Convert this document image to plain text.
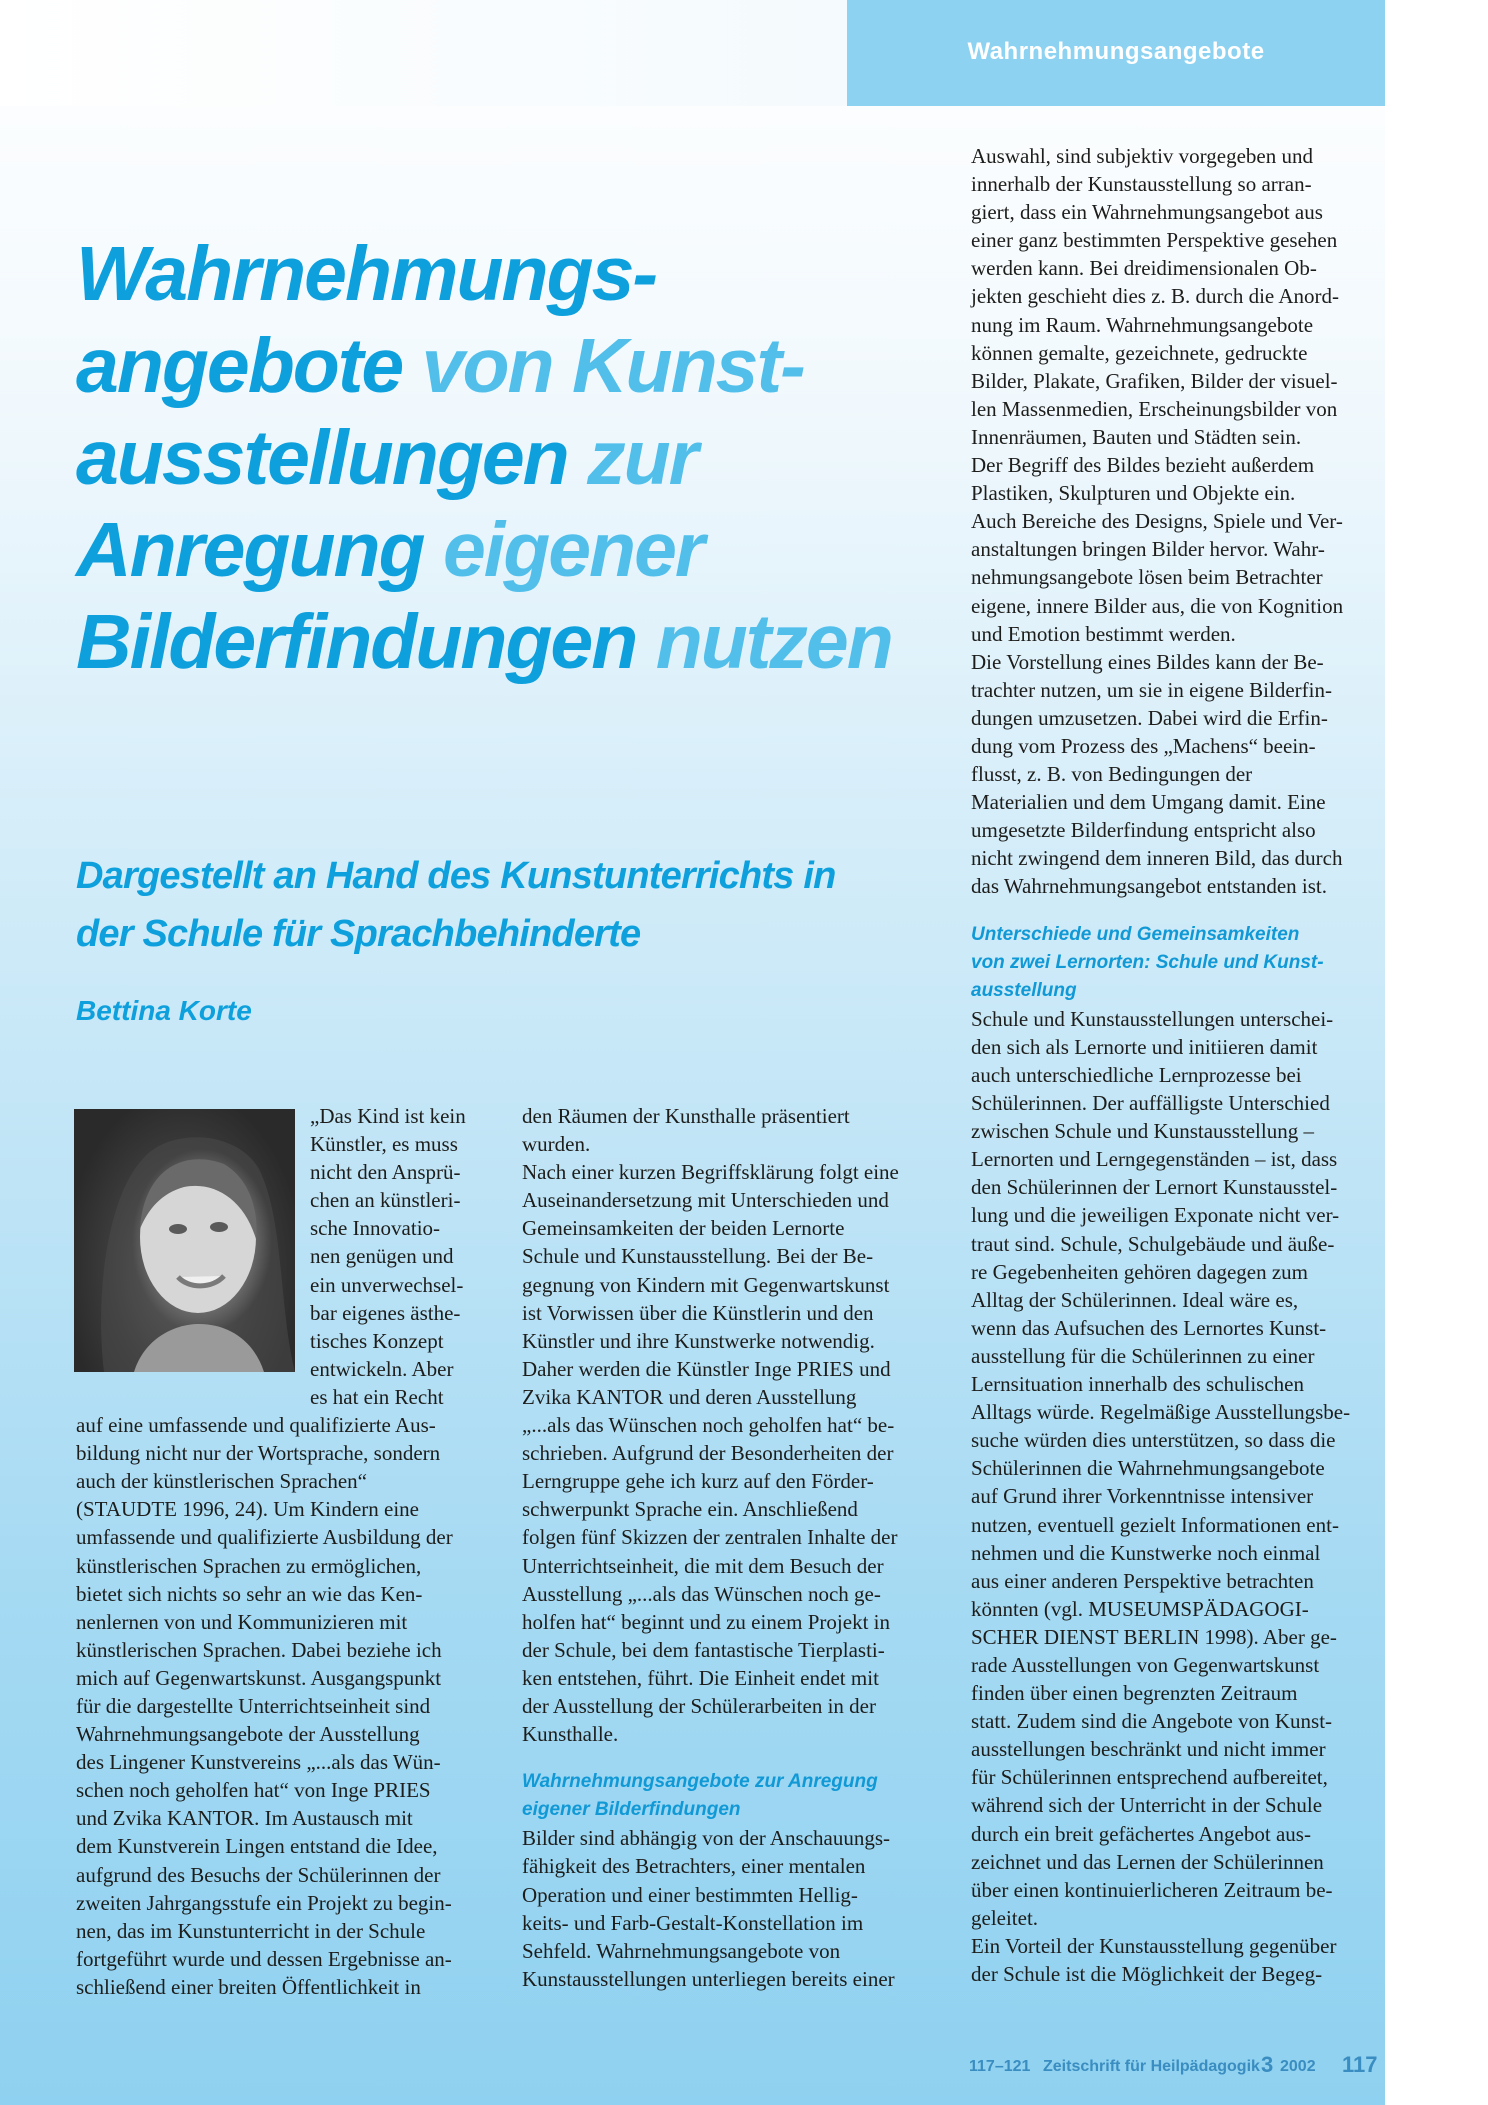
Wahrnehmungsangebote
Wahrnehmungs-
angebote von Kunst-
ausstellungen zur
Anregung eigener
Bilderfindungen nutzen
Dargestellt an Hand des Kunstunterrichts in
der Schule für Sprachbehinderte
Bettina Korte
„Das Kind ist kein
Künstler, es muss
nicht den Ansprü-
chen an künstleri-
sche Innovatio-
nen genügen und
ein unverwechsel-
bar eigenes ästhe-
tisches Konzept
entwickeln. Aber
es hat ein Recht
auf eine umfassende und qualifizierte Aus-
bildung nicht nur der Wortsprache, sondern
auch der künstlerischen Sprachen“
(STAUDTE 1996, 24). Um Kindern eine
umfassende und qualifizierte Ausbildung der
künstlerischen Sprachen zu ermöglichen,
bietet sich nichts so sehr an wie das Ken-
nenlernen von und Kommunizieren mit
künstlerischen Sprachen. Dabei beziehe ich
mich auf Gegenwartskunst. Ausgangspunkt
für die dargestellte Unterrichtseinheit sind
Wahrnehmungsangebote der Ausstellung
des Lingener Kunstvereins „...als das Wün-
schen noch geholfen hat“ von Inge PRIES
und Zvika KANTOR. Im Austausch mit
dem Kunstverein Lingen entstand die Idee,
aufgrund des Besuchs der Schülerinnen der
zweiten Jahrgangsstufe ein Projekt zu begin-
nen, das im Kunstunterricht in der Schule
fortgeführt wurde und dessen Ergebnisse an-
schließend einer breiten Öffentlichkeit in
den Räumen der Kunsthalle präsentiert
wurden.
Nach einer kurzen Begriffsklärung folgt eine
Auseinandersetzung mit Unterschieden und
Gemeinsamkeiten der beiden Lernorte
Schule und Kunstausstellung. Bei der Be-
gegnung von Kindern mit Gegenwartskunst
ist Vorwissen über die Künstlerin und den
Künstler und ihre Kunstwerke notwendig.
Daher werden die Künstler Inge PRIES und
Zvika KANTOR und deren Ausstellung
„...als das Wünschen noch geholfen hat“ be-
schrieben. Aufgrund der Besonderheiten der
Lerngruppe gehe ich kurz auf den Förder-
schwerpunkt Sprache ein. Anschließend
folgen fünf Skizzen der zentralen Inhalte der
Unterrichtseinheit, die mit dem Besuch der
Ausstellung „...als das Wünschen noch ge-
holfen hat“ beginnt und zu einem Projekt in
der Schule, bei dem fantastische Tierplasti-
ken entstehen, führt. Die Einheit endet mit
der Ausstellung der Schülerarbeiten in der
Kunsthalle.
Wahrnehmungsangebote zur Anregung
eigener Bilderfindungen
Bilder sind abhängig von der Anschauungs-
fähigkeit des Betrachters, einer mentalen
Operation und einer bestimmten Hellig-
keits- und Farb-Gestalt-Konstellation im
Sehfeld. Wahrnehmungsangebote von
Kunstausstellungen unterliegen bereits einer
Auswahl, sind subjektiv vorgegeben und
innerhalb der Kunstausstellung so arran-
giert, dass ein Wahrnehmungsangebot aus
einer ganz bestimmten Perspektive gesehen
werden kann. Bei dreidimensionalen Ob-
jekten geschieht dies z. B. durch die Anord-
nung im Raum. Wahrnehmungsangebote
können gemalte, gezeichnete, gedruckte
Bilder, Plakate, Grafiken, Bilder der visuel-
len Massenmedien, Erscheinungsbilder von
Innenräumen, Bauten und Städten sein.
Der Begriff des Bildes bezieht außerdem
Plastiken, Skulpturen und Objekte ein.
Auch Bereiche des Designs, Spiele und Ver-
anstaltungen bringen Bilder hervor. Wahr-
nehmungsangebote lösen beim Betrachter
eigene, innere Bilder aus, die von Kognition
und Emotion bestimmt werden.
Die Vorstellung eines Bildes kann der Be-
trachter nutzen, um sie in eigene Bilderfin-
dungen umzusetzen. Dabei wird die Erfin-
dung vom Prozess des „Machens“ beein-
flusst, z. B. von Bedingungen der
Materialien und dem Umgang damit. Eine
umgesetzte Bilderfindung entspricht also
nicht zwingend dem inneren Bild, das durch
das Wahrnehmungsangebot entstanden ist.
Unterschiede und Gemeinsamkeiten
von zwei Lernorten: Schule und Kunst-
ausstellung
Schule und Kunstausstellungen unterschei-
den sich als Lernorte und initiieren damit
auch unterschiedliche Lernprozesse bei
Schülerinnen. Der auffälligste Unterschied
zwischen Schule und Kunstausstellung –
Lernorten und Lerngegenständen – ist, dass
den Schülerinnen der Lernort Kunstausstel-
lung und die jeweiligen Exponate nicht ver-
traut sind. Schule, Schulgebäude und äuße-
re Gegebenheiten gehören dagegen zum
Alltag der Schülerinnen. Ideal wäre es,
wenn das Aufsuchen des Lernortes Kunst-
ausstellung für die Schülerinnen zu einer
Lernsituation innerhalb des schulischen
Alltags würde. Regelmäßige Ausstellungsbe-
suche würden dies unterstützen, so dass die
Schülerinnen die Wahrnehmungsangebote
auf Grund ihrer Vorkenntnisse intensiver
nutzen, eventuell gezielt Informationen ent-
nehmen und die Kunstwerke noch einmal
aus einer anderen Perspektive betrachten
könnten (vgl. MUSEUMSPÄDAGOGI-
SCHER DIENST BERLIN 1998). Aber ge-
rade Ausstellungen von Gegenwartskunst
finden über einen begrenzten Zeitraum
statt. Zudem sind die Angebote von Kunst-
ausstellungen beschränkt und nicht immer
für Schülerinnen entsprechend aufbereitet,
während sich der Unterricht in der Schule
durch ein breit gefächertes Angebot aus-
zeichnet und das Lernen der Schülerinnen
über einen kontinuierlicheren Zeitraum be-
geleitet.
Ein Vorteil der Kunstausstellung gegenüber
der Schule ist die Möglichkeit der Begeg-
117–121 Zeitschrift für Heilpädagogik 3 2002 117
